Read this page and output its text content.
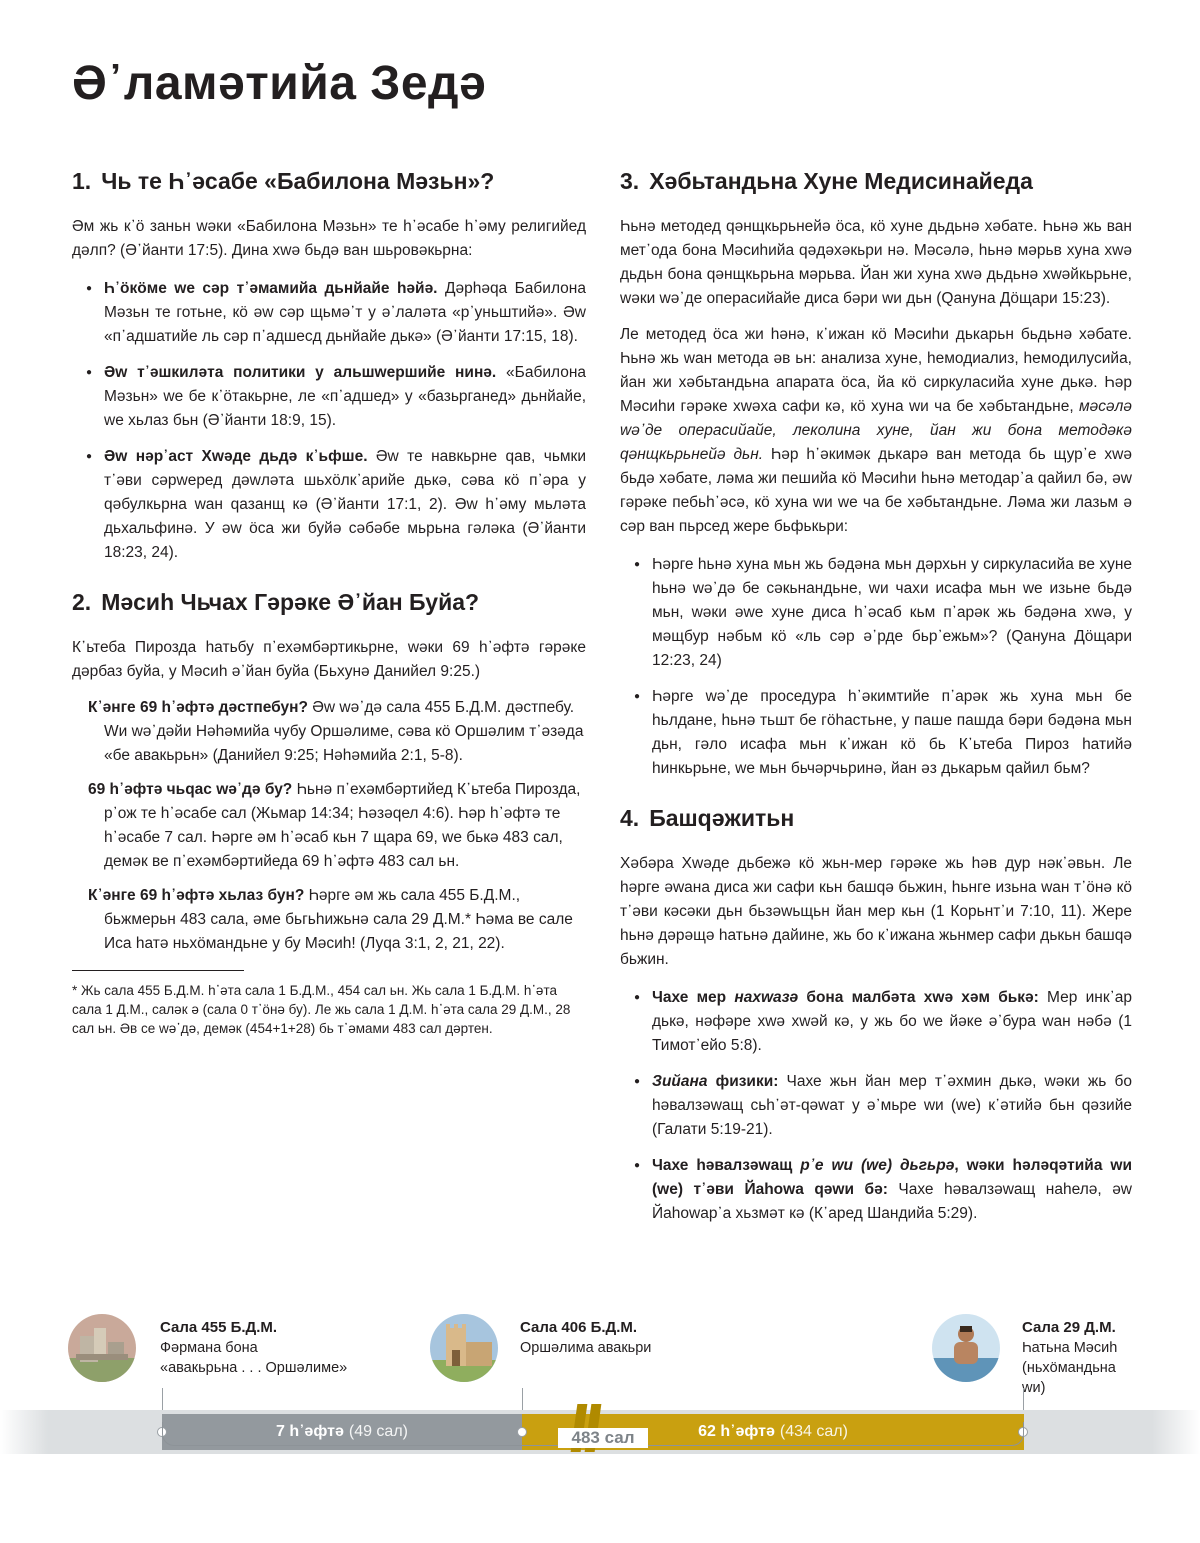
Ә᾿ламәтийа Зедә
1. Чь те Һ᾿әсабе «Бабилона Мәзьн»?

Әм жь к᾿ӧ заньн wәки «Бабилона Мәзьн» те һ᾿әсабе һ᾿әму религийед дәлп? (Ә᾿йанти 17:5). Дина хwә бьдә ван шьровәкьрна:

● Һ᾿ӧкӧме wе сәр т᾿әмамийа дьнйайе һәйә. Дәрһәqа Бабилона Мәзьн те готьне, кӧ әw сәр щьмә᾿т у ә᾿лаләта «р᾿уньштийә». Әw «п᾿адшатийе ль сәр п᾿адшесд дьнйайе дькә» (Ә᾿йанти 17:15, 18).
● Әw т᾿әшкиләта политики у альшwершийе нинә. «Бабилона Мәзьн» wе бе к᾿ӧтакьрне, ле «п᾿адшед» у «базьрганед» дьнйайе, wе хьлаз бьн (Ә᾿йанти 18:9, 15).
● Әw нәр᾿аст Хwәде дьдә к᾿ьфше. Әw те навкьрне qав, чьмки т᾿әви сәрwеред дәwләта шьхӧлк᾿арийе дькә, сәва кӧ п᾿әра у qәбулкьрна wан qазанщ кә (Ә᾿йанти 17:1, 2). Әw һ᾿әму мьләта дьхальфинә. У әw ӧса жи буйә сәбәбе мьрьна гәләка (Ә᾿йанти 18:23, 24).
2. Мәсиһ Чьчах Гәрәке Ә᾿йан Буйа?

К᾿ьтеба Пирозда һатьбу п᾿ехәмбәртикьрне, wәки 69 һ᾿әфтә гәрәке дәрбаз буйа, у Мәсиһ ә᾿йан буйа (Бьхунә Данийел 9:25.)

К᾿әнге 69 һ᾿әфтә дәстпебун? Әw wә᾿дә сала 455 Б.Д.М. дәстпебу. Wи wә᾿дәйи Нәһәмийа чубу Оршәлиме, сәва кӧ Оршәлим т᾿әзәда «бе авакьрьн» (Данийел 9:25; Нәһәмийа 2:1, 5-8).

69 һ᾿әфтә чьqас wә᾿дә бу? Һьнә п᾿ехәмбәртийед К᾿ьтеба Пирозда, р᾿ож те һ᾿әсабе сал (Жьмар 14:34; Һәзәqел 4:6). Һәр һ᾿әфтә те һ᾿әсабе 7 сал. Һәрге әм һ᾿әсаб кьн 7 щара 69, wе бькә 483 сал, демәк ве п᾿ехәмбәртийеда 69 һ᾿әфтә 483 сал ьн.

К᾿әнге 69 һ᾿әфтә хьлаз бун? Һәрге әм жь сала 455 Б.Д.М., бьжмерьн 483 сала, әме бьгьһижьнә сала 29 Д.М.* Һәма ве сале Иса һатә ньхӧмандьне у бу Мәсиһ! (Луqа 3:1, 2, 21, 22).

* Жь сала 455 Б.Д.М. һ᾿әта сала 1 Б.Д.М., 454 сал ьн. Жь сала 1 Б.Д.М. һ᾿әта сала 1 Д.М., саләк ә (сала 0 т᾿ӧнә бу). Ле жь сала 1 Д.М. һ᾿әта сала 29 Д.М., 28 сал ьн. Әв се wә᾿дә, демәк (454+1+28) бь т᾿әмами 483 сал дәртен.

3. Хәбьтандьна Хуне Медисинайеда

Һьнә методед qәнщкьрьнейә ӧса, кӧ хуне дьдьнә хәбате. Һьнә жь ван мет᾿ода бона Мәсиһийа qәдәхәкьри нә. Мәсәлә, һьнә мәрьв хуна хwә дьдьн бона qәнщкьрьна мәрьва. Йан жи хуна хwә дьдьнә хwәйкьрьне, wәки wә᾿де операсийайе диса бәри wи дьн (Qануна Дӧщари 15:23).

Ле методед ӧса жи һәнә, к᾿ижан кӧ Мәсиһи дькарьн бьдьнә хәбате. Һьнә жь wан метода әв ьн: анализа хуне, һемодиализ, һемодилусийа, йан жи хәбьтандьна апарата ӧса, йа кӧ сиркуласийа хуне дькә. Һәр Мәсиһи гәрәке хwәха сафи кә, кӧ хуна wи ча бе хәбьтандьне, мәсәлә wә᾿де операсийайе, леколина хуне, йан жи бона методәкә qәнщкьрьнейә дьн. Һәр һ᾿әкимәк дькарә ван метода бь щур᾿е хwә бьдә хәбате, ләма жи пешийа кӧ Мәсиһи һьнә методар᾿а qайил бә, әw гәрәке пебьһ᾿әсә, кӧ хуна wи wе ча бе хәбьтандьне. Ләма жи лазьм ә сәр ван пьрсед жере бьфькьри:

● Һәрге һьнә хуна мьн жь бәдәна мьн дәрхьн у сиркуласийа ве хуне һьнә wә᾿дә бе сәкьнандьне, wи чахи исафа мьн wе изьне бьдә мьн, wәки әwе хуне диса һ᾿әсаб кьм п᾿арәк жь бәдәна хwә, у мәщбур нәбьм кӧ «ль сәр ә᾿рде бьр᾿ежьм»? (Qануна Дӧщари 12:23, 24)
● Һәрге wә᾿де проседура һ᾿әкимтийе п᾿арәк жь хуна мьн бе һьлдане, һьнә тьшт бе гӧһастьне, у паше пашда бәри бәдәна мьн дьн, гәло исафа мьн к᾿ижан кӧ бь К᾿ьтеба Пироз һатийә һинкьрьне, wе мьн бьчәрчьринә, йан әз дькарьм qайил бьм?
4. Башqәжитьн

Хәбәра Хwәде дьбежә кӧ жьн-мер гәрәке жь һәв дур нәк᾿әвьн. Ле һәрге әwана диса жи сафи кьн башqә бьжин, һьнге изьна wан т᾿ӧнә кӧ т᾿әви кәсәки дьн бьзәwьщьн йан мер кьн (1 Корьнт᾿и 7:10, 11). Жере һьнә дәрәщә һатьнә дайине, жь бо к᾿ижана жьнмер сафи дькьн башqә бьжин.

● Чахе мер нахwазә бона малбәта хwә хәм бькә: Мер инк᾿ар дькә, нәфәре хwә хwәй кә, у жь бо wе йәке ә᾿бура wан нәбә (1 Тимот᾿ейо 5:8).
● Зийана физики: Чахе жьн йан мер т᾿әхмин дькә, wәки жь бо һәвалзәwащ сьһ᾿әт-qәwат у ә᾿мьре wи (wе) к᾿әтийә бьн qәзийе (Галати 5:19-21).
● Чахе һәвалзәwащ р᾿е wи (wе) дьгьрә, wәки һәләqәтийа wи (wе) т᾿әви Йаһоwа qәwи бә: Чахе һәвалзәwащ наһелә, әw Йаһоwар᾿а хьзмәт кә (К᾿аред Шандийа 5:29).
Сала 455 Б.Д.М.
Фәрмана бона
«авакьрьна . . . Оршәлиме»
Сала 406 Б.Д.М.
Оршәлима авакьри
Сала 29 Д.М.
Һатьна Мәсиһ
(ньхӧмандьна
wи)
7 һ᾿әфтә (49 сал)	62 һ᾿әфтә (434 сал)
483 сал
